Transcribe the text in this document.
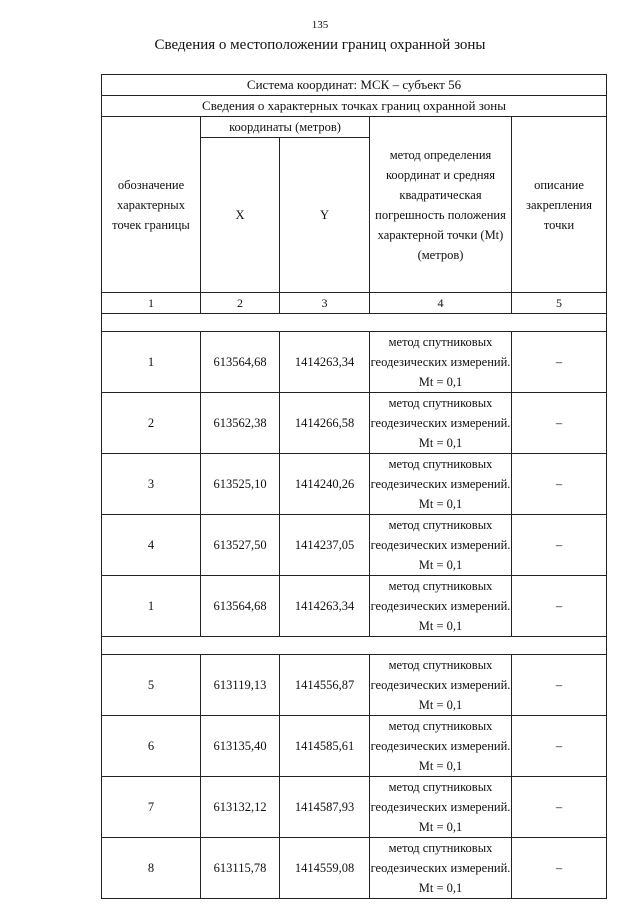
135
Сведения о местоположении границ охранной зоны
Система координат: МСК – субъект 56				
Сведения о характерных точках границ охранной зоны				
обозначение характерных точек границы	координаты (метров)		метод определения координат и средняя квадратическая погрешность положения характерной точки (Mt) (метров)	описание закрепления точки
	X	Y		
1	2	3	4	5

1	613564,68	1414263,34	метод спутниковых геодезических измерений. Mt = 0,1	–
2	613562,38	1414266,58	метод спутниковых геодезических измерений. Mt = 0,1	–
3	613525,10	1414240,26	метод спутниковых геодезических измерений. Mt = 0,1	–
4	613527,50	1414237,05	метод спутниковых геодезических измерений. Mt = 0,1	–
1	613564,68	1414263,34	метод спутниковых геодезических измерений. Mt = 0,1	–

5	613119,13	1414556,87	метод спутниковых геодезических измерений. Mt = 0,1	–
6	613135,40	1414585,61	метод спутниковых геодезических измерений. Mt = 0,1	–
7	613132,12	1414587,93	метод спутниковых геодезических измерений. Mt = 0,1	–
8	613115,78	1414559,08	метод спутниковых геодезических измерений. Mt = 0,1	–
